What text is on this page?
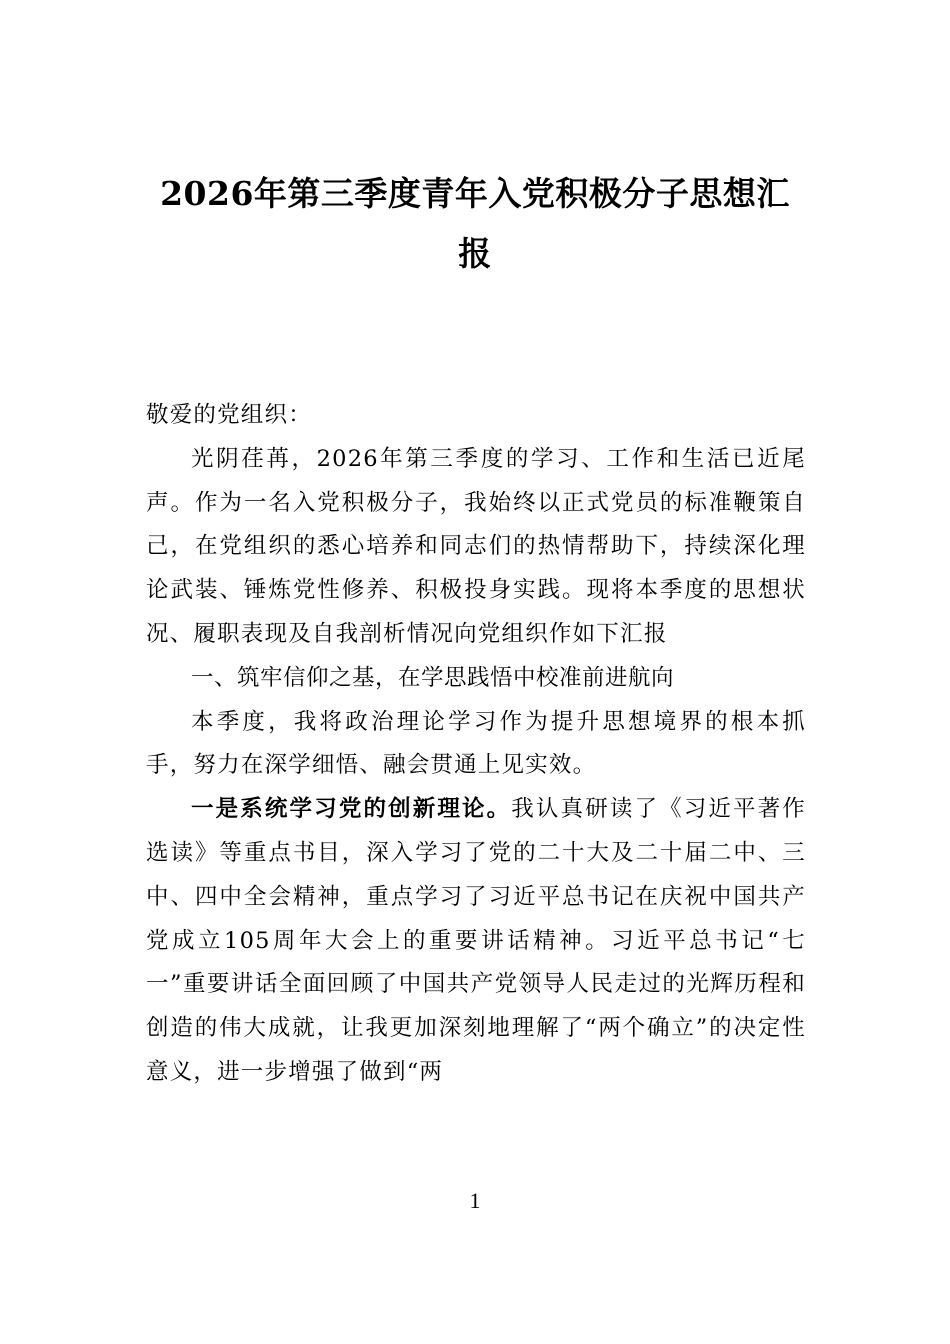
2026年第三季度青年入党积极分子思想汇
报

敬爱的党组织：

光阴荏苒，2026年第三季度的学习、工作和生活已近尾声。作为一名入党积极分子，我始终以正式党员的标准鞭策自己，在党组织的悉心培养和同志们的热情帮助下，持续深化理论武装、锤炼党性修养、积极投身实践。现将本季度的思想状况、履职表现及自我剖析情况向党组织作如下汇报

一、筑牢信仰之基，在学思践悟中校准前进航向

本季度，我将政治理论学习作为提升思想境界的根本抓手，努力在深学细悟、融会贯通上见实效。

一是系统学习党的创新理论。我认真研读了《习近平著作选读》等重点书目，深入学习了党的二十大及二十届二中、三中、四中全会精神，重点学习了习近平总书记在庆祝中国共产党成立105周年大会上的重要讲话精神。习近平总书记“七一”重要讲话全面回顾了中国共产党领导人民走过的光辉历程和创造的伟大成就，让我更加深刻地理解了“两个确立”的决定性意义，进一步增强了做到“两

1
